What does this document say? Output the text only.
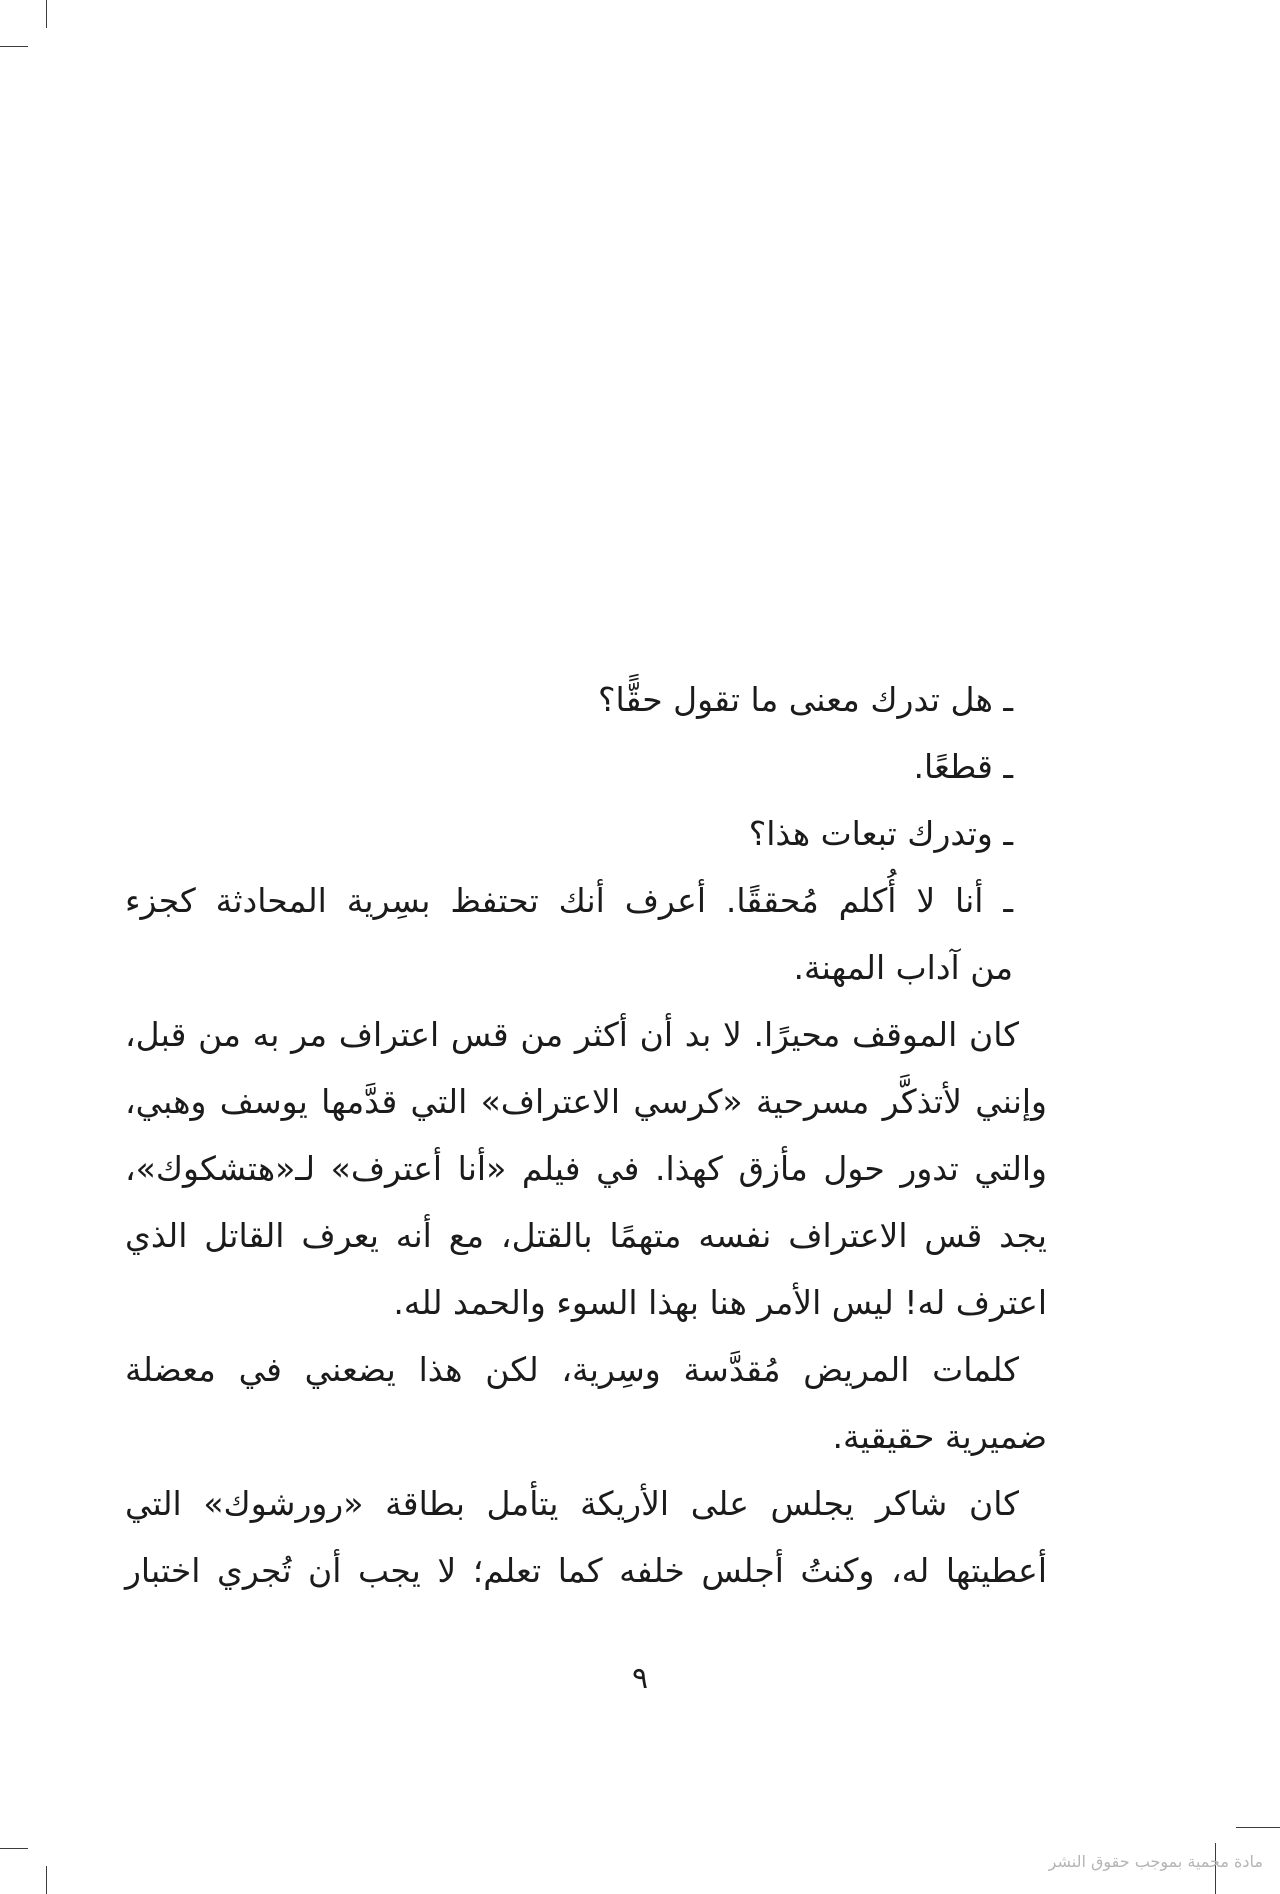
ـ هل تدرك معنى ما تقول حقًّا؟
ـ قطعًا.
ـ وتدرك تبعات هذا؟
ـ أنا لا أُكلم مُحققًا. أعرف أنك تحتفظ بسِرية المحادثة كجزء
من آداب المهنة.
كان الموقف محيرًا. لا بد أن أكثر من قس اعتراف مر به من قبل،
وإنني لأتذكَّر مسرحية «كرسي الاعتراف» التي قدَّمها يوسف وهبي،
والتي تدور حول مأزق كهذا. في فيلم «أنا أعترف» لـ«هتشكوك»،
يجد قس الاعتراف نفسه متهمًا بالقتل، مع أنه يعرف القاتل الذي
اعترف له! ليس الأمر هنا بهذا السوء والحمد لله.
كلمات المريض مُقدَّسة وسِرية، لكن هذا يضعني في معضلة
ضميرية حقيقية.
كان شاكر يجلس على الأريكة يتأمل بطاقة «رورشوك» التي
أعطيتها له، وكنتُ أجلس خلفه كما تعلم؛ لا يجب أن تُجري اختبار
٩
مادة محمية بموجب حقوق النشر
